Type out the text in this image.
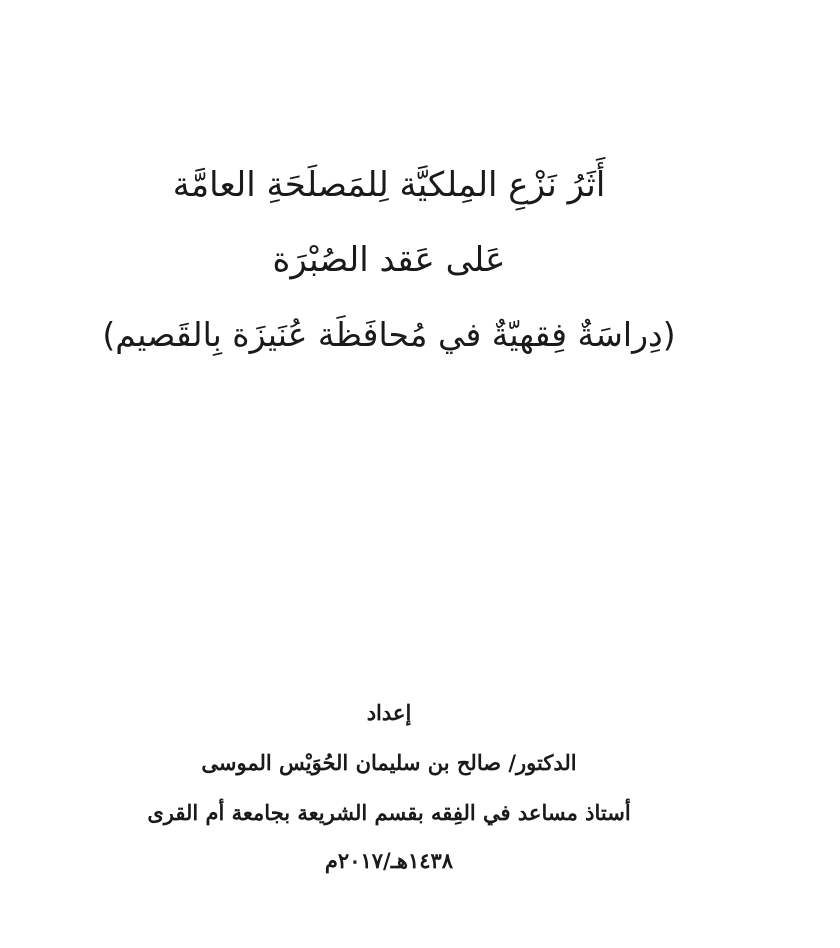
أَثَرُ نَزْعِ المِلكيَّة لِلمَصلَحَةِ العامَّة
عَلى عَقد الصُبْرَة
(دِراسَةٌ فِقهيّةٌ في مُحافَظَة عُنَيزَة بِالقَصيم)
إعداد
الدكتور/ صالح بن سليمان الحُوَيْس الموسى
أستاذ مساعد في الفِقه بقسم الشريعة بجامعة أم القرى
١٤٣٨هـ/٢٠١٧م
